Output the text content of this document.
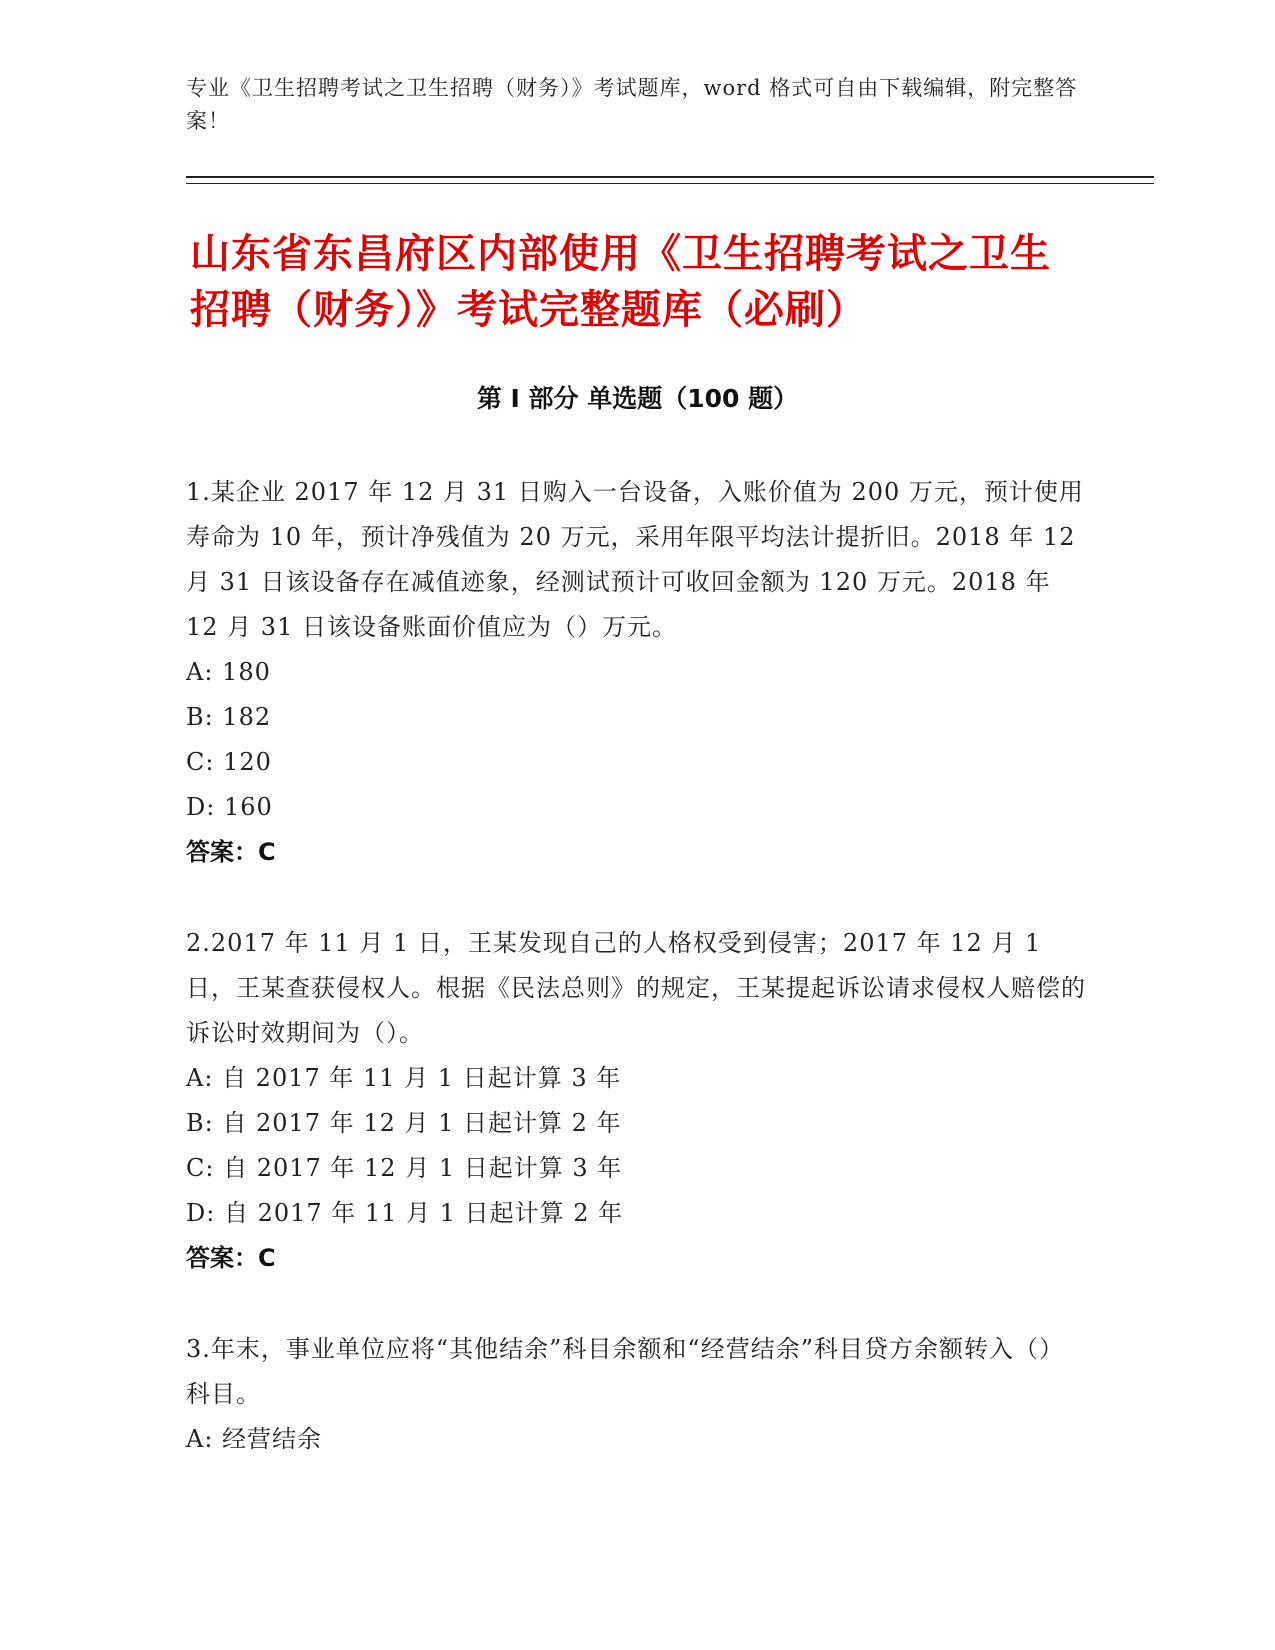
专业《卫生招聘考试之卫生招聘（财务）》考试题库，word 格式可自由下载编辑，附完整答案！
山东省东昌府区内部使用《卫生招聘考试之卫生招聘（财务）》考试完整题库（必刷）
第 I 部分 单选题（100 题）

1.某企业 2017 年 12 月 31 日购入一台设备，入账价值为 200 万元，预计使用寿命为 10 年，预计净残值为 20 万元，采用年限平均法计提折旧。2018 年 12 月 31 日该设备存在减值迹象，经测试预计可收回金额为 120 万元。2018 年 12 月 31 日该设备账面价值应为（）万元。

A: 180

B: 182

C: 120

D: 160

答案：C

2.2017 年 11 月 1 日，王某发现自己的人格权受到侵害；2017 年 12 月 1 日，王某查获侵权人。根据《民法总则》的规定，王某提起诉讼请求侵权人赔偿的诉讼时效期间为（）。

A: 自 2017 年 11 月 1 日起计算 3 年

B: 自 2017 年 12 月 1 日起计算 2 年

C: 自 2017 年 12 月 1 日起计算 3 年

D: 自 2017 年 11 月 1 日起计算 2 年

答案：C

3.年末，事业单位应将“其他结余”科目余额和“经营结余”科目贷方余额转入（）科目。

A: 经营结余
